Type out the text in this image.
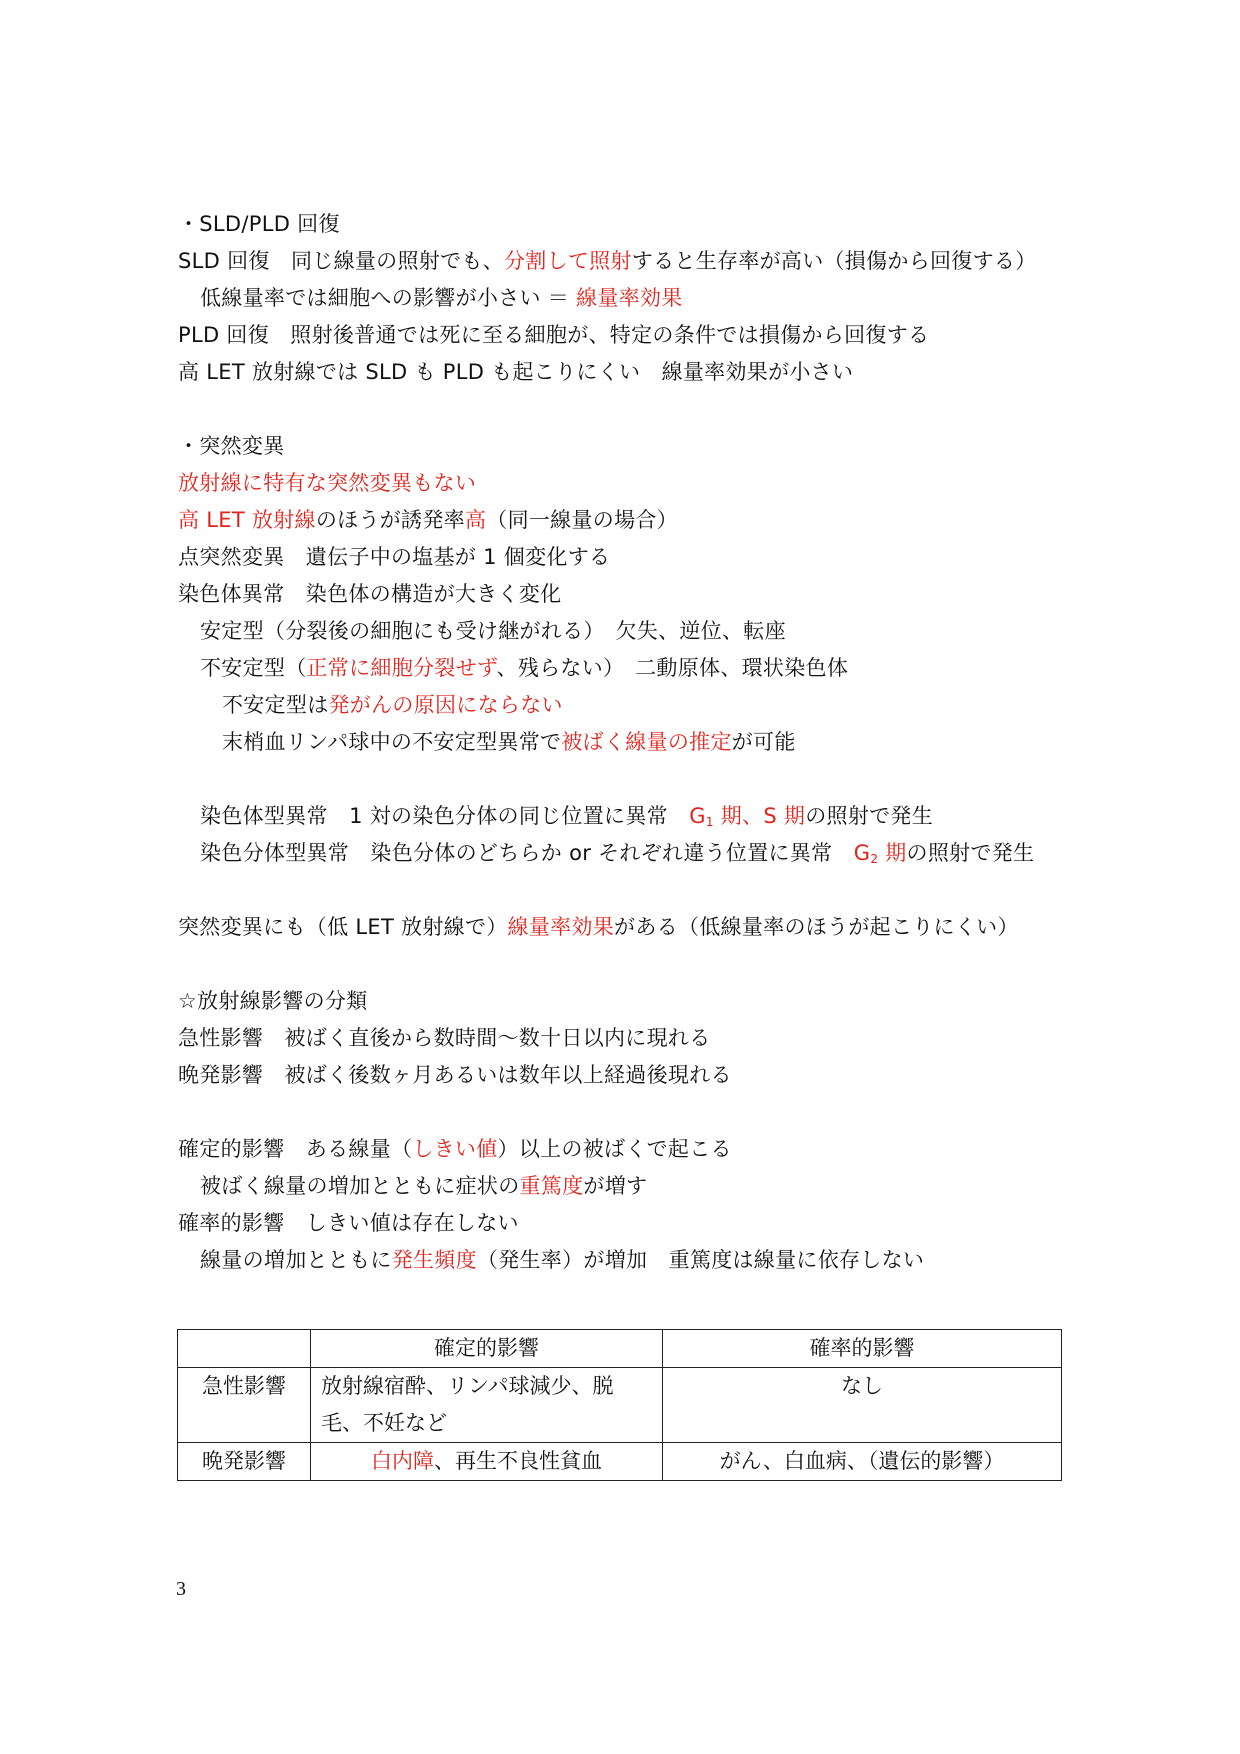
・SLD/PLD 回復
SLD 回復　同じ線量の照射でも、分割して照射すると生存率が高い（損傷から回復する）
低線量率では細胞への影響が小さい ＝ 線量率効果
PLD 回復　照射後普通では死に至る細胞が、特定の条件では損傷から回復する
高 LET 放射線では SLD も PLD も起こりにくい　線量率効果が小さい
・突然変異
放射線に特有な突然変異もない
高 LET 放射線のほうが誘発率高（同一線量の場合）
点突然変異　遺伝子中の塩基が 1 個変化する
染色体異常　染色体の構造が大きく変化
安定型（分裂後の細胞にも受け継がれる）　欠失、逆位、転座
不安定型（正常に細胞分裂せず、残らない）　二動原体、環状染色体
不安定型は発がんの原因にならない
末梢血リンパ球中の不安定型異常で被ばく線量の推定が可能
染色体型異常　1 対の染色分体の同じ位置に異常　$G_1$ 期、S 期の照射で発生
染色分体型異常　染色分体のどちらか or それぞれ違う位置に異常　$G_2$ 期の照射で発生
突然変異にも（低 LET 放射線で）線量率効果がある（低線量率のほうが起こりにくい）
☆放射線影響の分類
急性影響　被ばく直後から数時間～数十日以内に現れる
晩発影響　被ばく後数ヶ月あるいは数年以上経過後現れる
確定的影響　ある線量（しきい値）以上の被ばくで起こる
被ばく線量の増加とともに症状の重篤度が増す
確率的影響　しきい値は存在しない
線量の増加とともに発生頻度（発生率）が増加　重篤度は線量に依存しない
	確定的影響	確率的影響
急性影響	放射線宿酔、リンパ球減少、脱毛、不妊など	なし
晩発影響	白内障、再生不良性貧血	がん、白血病、（遺伝的影響）
3
